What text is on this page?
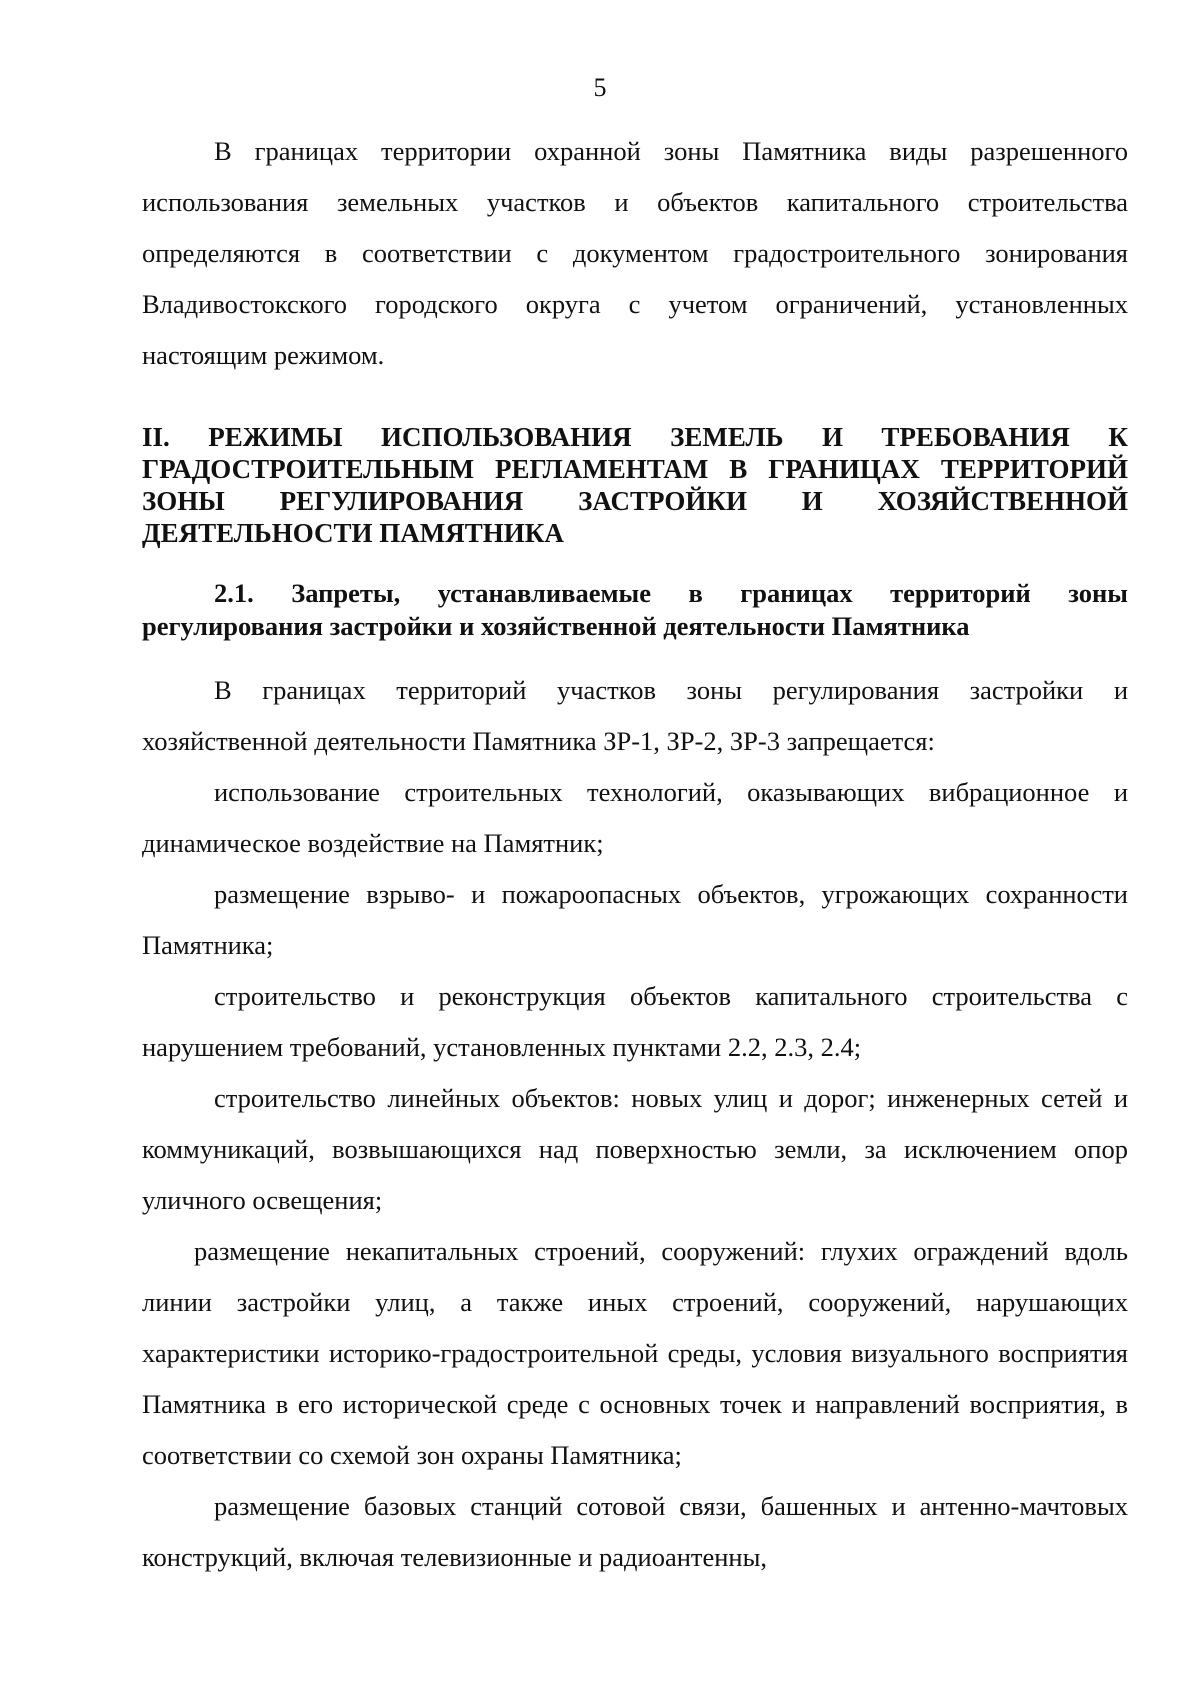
5

В границах территории охранной зоны Памятника виды разрешенного использования земельных участков и объектов капитального строительства определяются в соответствии с документом градостроительного зонирования Владивостокского городского округа с учетом ограничений, установленных настоящим режимом.

II. РЕЖИМЫ ИСПОЛЬЗОВАНИЯ ЗЕМЕЛЬ И ТРЕБОВАНИЯ К ГРАДОСТРОИТЕЛЬНЫМ РЕГЛАМЕНТАМ В ГРАНИЦАХ ТЕРРИТОРИЙ ЗОНЫ РЕГУЛИРОВАНИЯ ЗАСТРОЙКИ И ХОЗЯЙСТВЕННОЙ ДЕЯТЕЛЬНОСТИ ПАМЯТНИКА
2.1. Запреты, устанавливаемые в границах территорий зоны регулирования застройки и хозяйственной деятельности Памятника

В границах территорий участков зоны регулирования застройки и хозяйственной деятельности Памятника ЗР-1, ЗР-2, ЗР-3 запрещается:

использование строительных технологий, оказывающих вибрационное и динамическое воздействие на Памятник;

размещение взрыво- и пожароопасных объектов, угрожающих сохранности Памятника;

строительство и реконструкция объектов капитального строительства с нарушением требований, установленных пунктами 2.2, 2.3, 2.4;

строительство линейных объектов: новых улиц и дорог; инженерных сетей и коммуникаций, возвышающихся над поверхностью земли, за исключением опор уличного освещения;

размещение некапитальных строений, сооружений: глухих ограждений вдоль линии застройки улиц, а также иных строений, сооружений, нарушающих характеристики историко-градостроительной среды, условия визуального восприятия Памятника в его исторической среде с основных точек и направлений восприятия, в соответствии со схемой зон охраны Памятника;

размещение базовых станций сотовой связи, башенных и антенно-мачтовых конструкций, включая телевизионные и радиоантенны,
